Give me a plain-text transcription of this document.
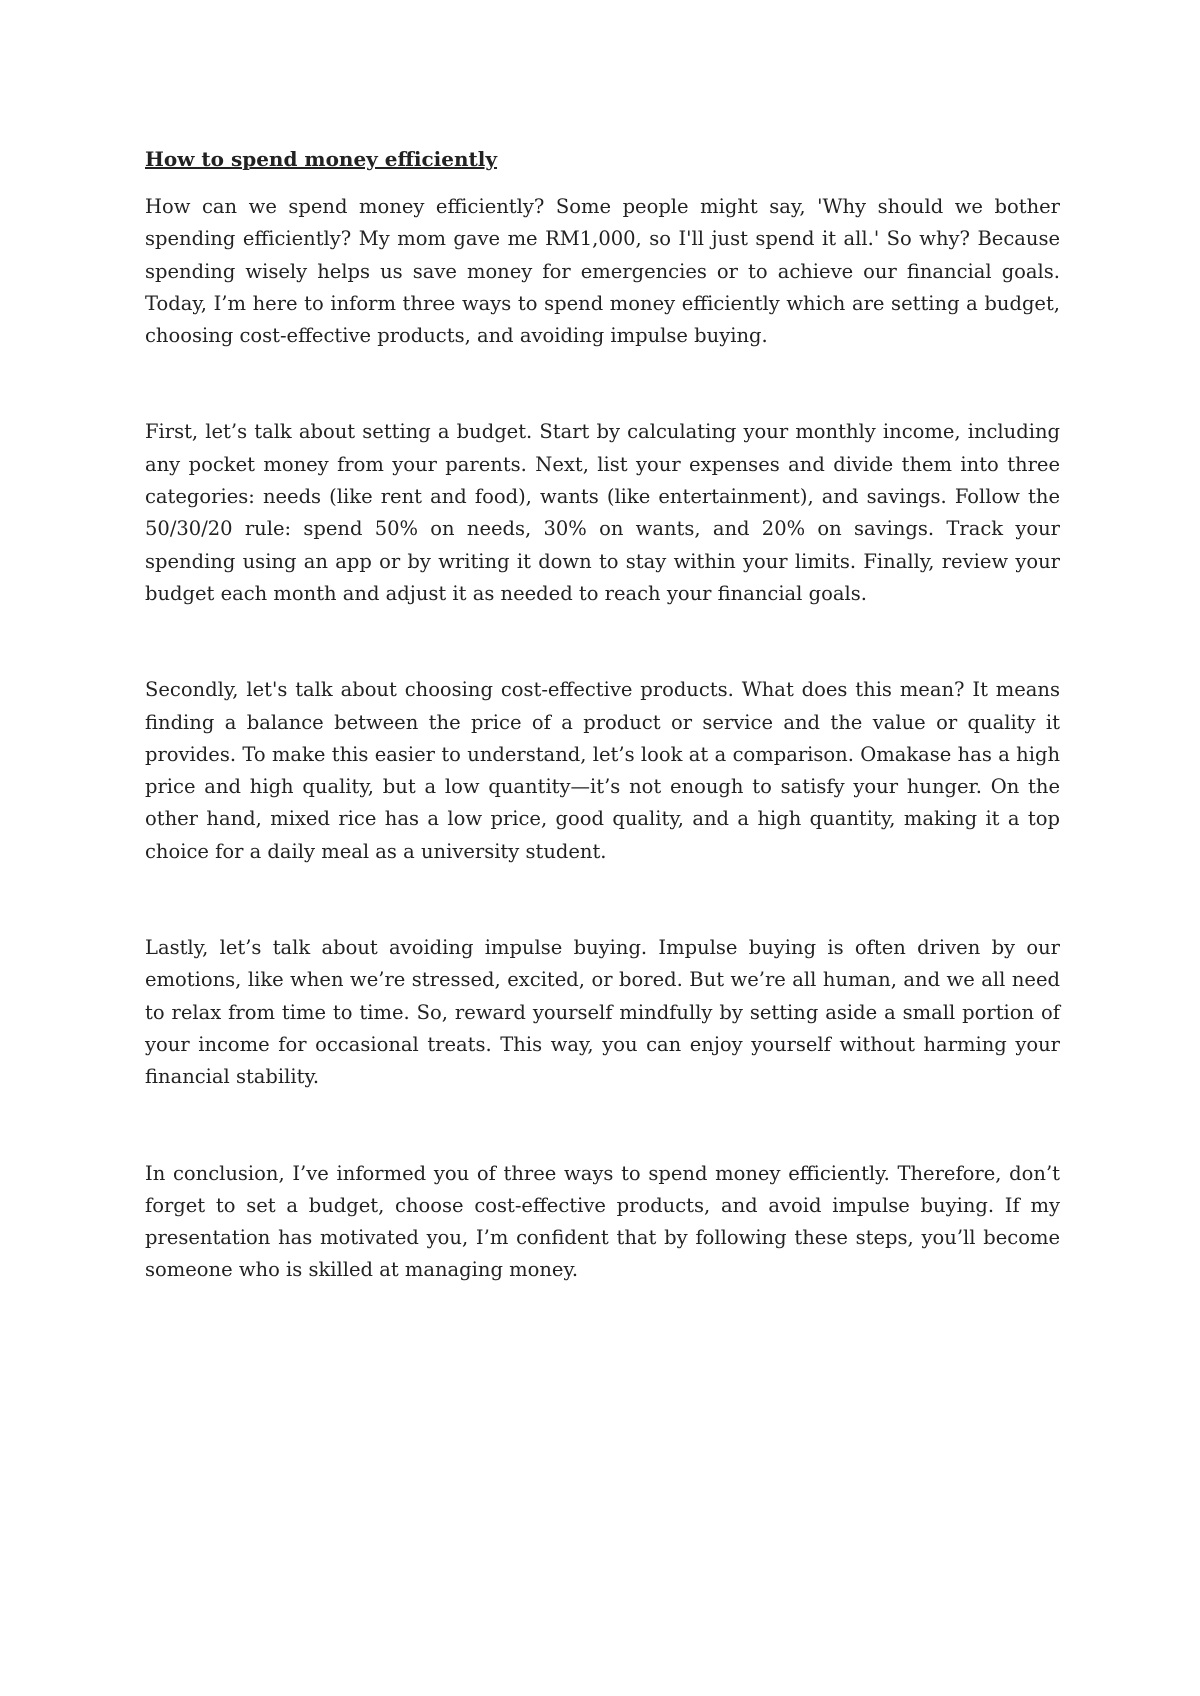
How to spend money efficiently

How can we spend money efficiently? Some people might say, 'Why should we bother spending efficiently? My mom gave me RM1,000, so I'll just spend it all.' So why? Because spending wisely helps us save money for emergencies or to achieve our financial goals. Today, I’m here to inform three ways to spend money efficiently which are setting a budget, choosing cost-effective products, and avoiding impulse buying.

First, let’s talk about setting a budget. Start by calculating your monthly income, including any pocket money from your parents. Next, list your expenses and divide them into three categories: needs (like rent and food), wants (like entertainment), and savings. Follow the 50/30/20 rule: spend 50% on needs, 30% on wants, and 20% on savings. Track your spending using an app or by writing it down to stay within your limits. Finally, review your budget each month and adjust it as needed to reach your financial goals.

Secondly, let's talk about choosing cost-effective products. What does this mean? It means finding a balance between the price of a product or service and the value or quality it provides. To make this easier to understand, let’s look at a comparison. Omakase has a high price and high quality, but a low quantity—it’s not enough to satisfy your hunger. On the other hand, mixed rice has a low price, good quality, and a high quantity, making it a top choice for a daily meal as a university student.

Lastly, let’s talk about avoiding impulse buying. Impulse buying is often driven by our emotions, like when we’re stressed, excited, or bored. But we’re all human, and we all need to relax from time to time. So, reward yourself mindfully by setting aside a small portion of your income for occasional treats. This way, you can enjoy yourself without harming your financial stability.

In conclusion, I’ve informed you of three ways to spend money efficiently. Therefore, don’t forget to set a budget, choose cost-effective products, and avoid impulse buying. If my presentation has motivated you, I’m confident that by following these steps, you’ll become someone who is skilled at managing money.
